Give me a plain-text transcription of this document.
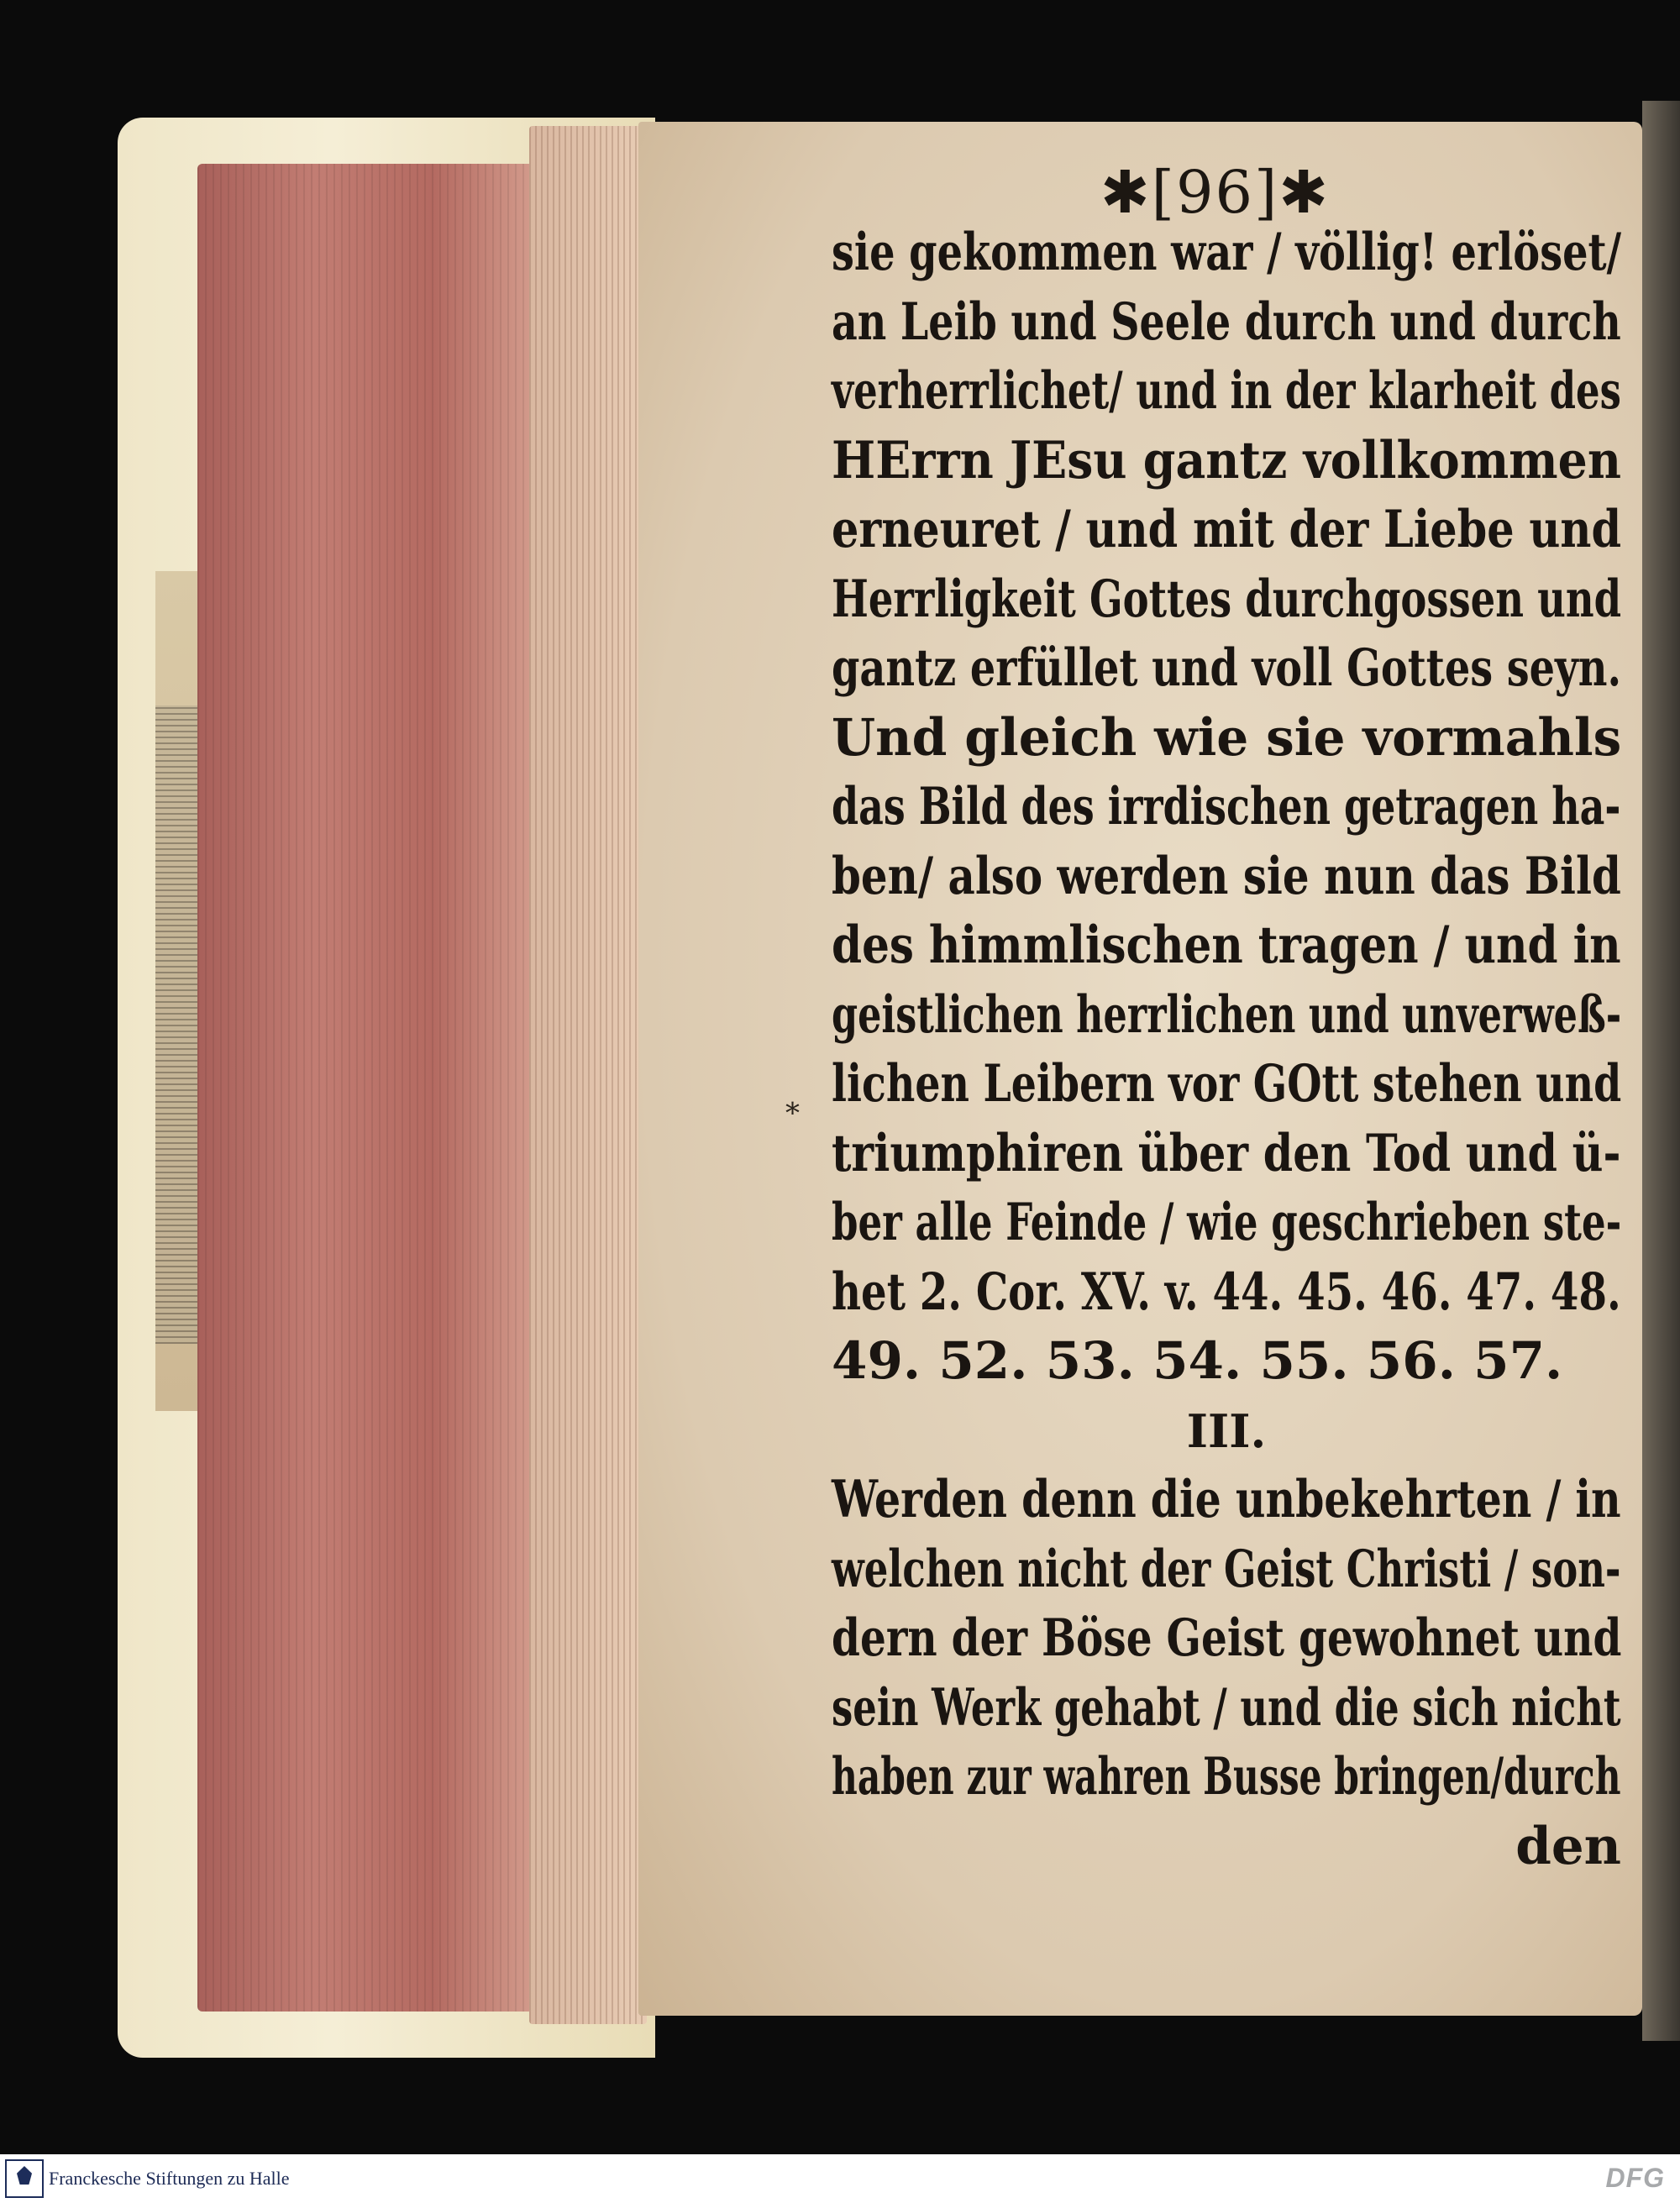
✱[96]✱
⁎
sie gekommen war / völlig! erlöset/
an Leib und Seele durch und durch
verherrlichet/ und in der klarheit des
HErrn JEsu gantz vollkommen
erneuret / und mit der Liebe und
Herrligkeit Gottes durchgossen und
gantz erfüllet und voll Gottes seyn.
Und gleich wie sie vormahls
das Bild des irrdischen getragen ha-
ben/ also werden sie nun das Bild
des himmlischen tragen / und in
geistlichen herrlichen und unverweß-
lichen Leibern vor GOtt stehen und
triumphiren über den Tod und ü-
ber alle Feinde / wie geschrieben ste-
het 2. Cor. XV. v. 44. 45. 46. 47. 48.
49. 52. 53. 54. 55. 56. 57.
III.
Werden denn die unbekehrten / in
welchen nicht der Geist Christi / son-
dern der Böse Geist gewohnet und
sein Werk gehabt / und die sich nicht
haben zur wahren Busse bringen/durch
den
Franckesche Stiftungen zu Halle	DFG
